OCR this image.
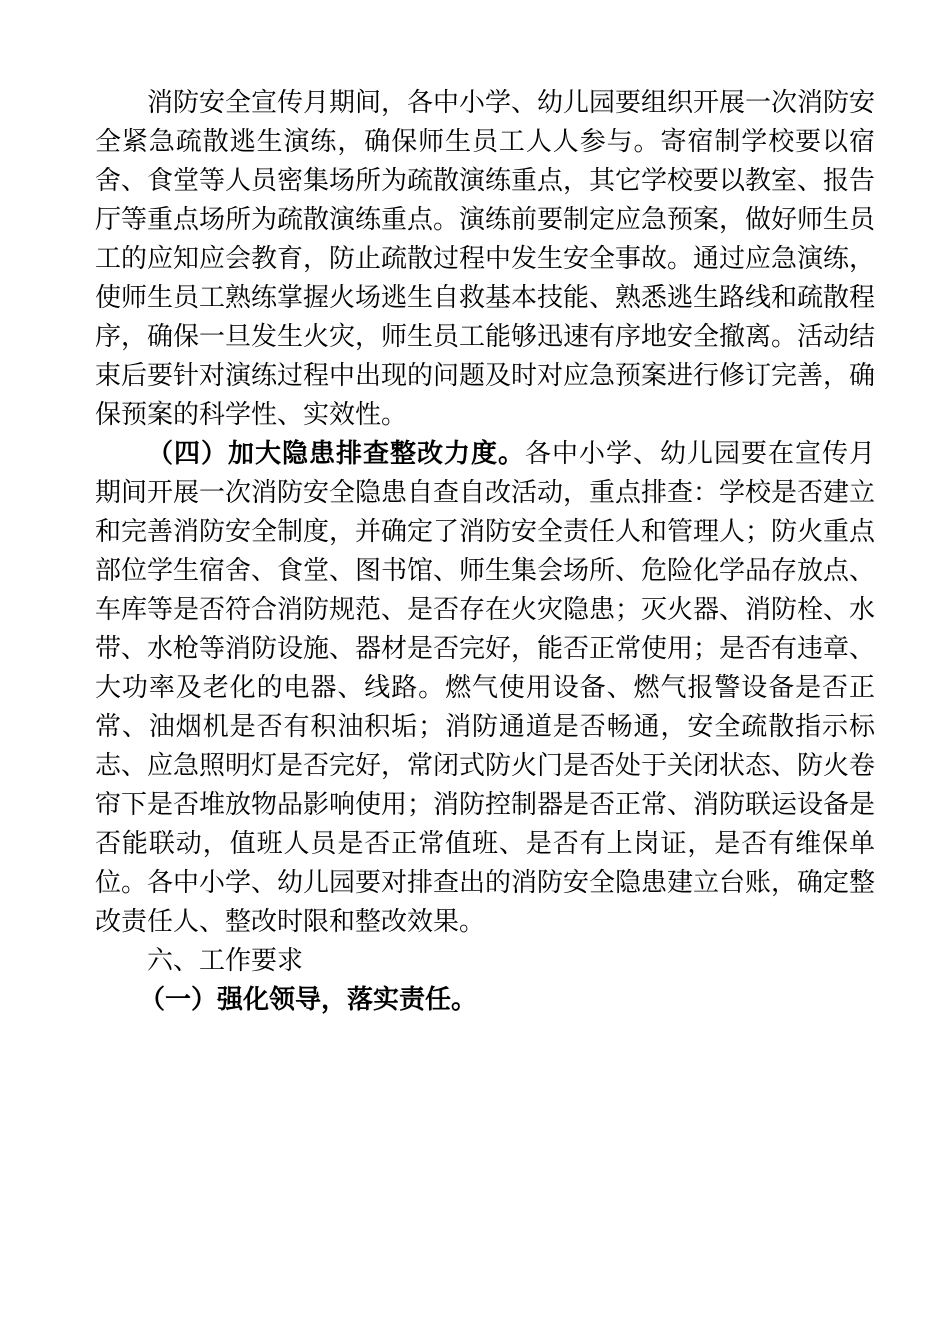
消防安全宣传月期间，各中小学、幼儿园要组织开展一次消防安全紧急疏散逃生演练，确保师生员工人人参与。寄宿制学校要以宿舍、食堂等人员密集场所为疏散演练重点，其它学校要以教室、报告厅等重点场所为疏散演练重点。演练前要制定应急预案，做好师生员工的应知应会教育，防止疏散过程中发生安全事故。通过应急演练，使师生员工熟练掌握火场逃生自救基本技能、熟悉逃生路线和疏散程序，确保一旦发生火灾，师生员工能够迅速有序地安全撤离。活动结束后要针对演练过程中出现的问题及时对应急预案进行修订完善，确保预案的科学性、实效性。

（四）加大隐患排查整改力度。各中小学、幼儿园要在宣传月期间开展一次消防安全隐患自查自改活动，重点排查：学校是否建立和完善消防安全制度，并确定了消防安全责任人和管理人；防火重点部位学生宿舍、食堂、图书馆、师生集会场所、危险化学品存放点、车库等是否符合消防规范、是否存在火灾隐患；灭火器、消防栓、水带、水枪等消防设施、器材是否完好，能否正常使用；是否有违章、大功率及老化的电器、线路。燃气使用设备、燃气报警设备是否正常、油烟机是否有积油积垢；消防通道是否畅通，安全疏散指示标志、应急照明灯是否完好，常闭式防火门是否处于关闭状态、防火卷帘下是否堆放物品影响使用；消防控制器是否正常、消防联运设备是否能联动，值班人员是否正常值班、是否有上岗证，是否有维保单位。各中小学、幼儿园要对排查出的消防安全隐患建立台账，确定整改责任人、整改时限和整改效果。

六、工作要求

（一）强化领导，落实责任。
